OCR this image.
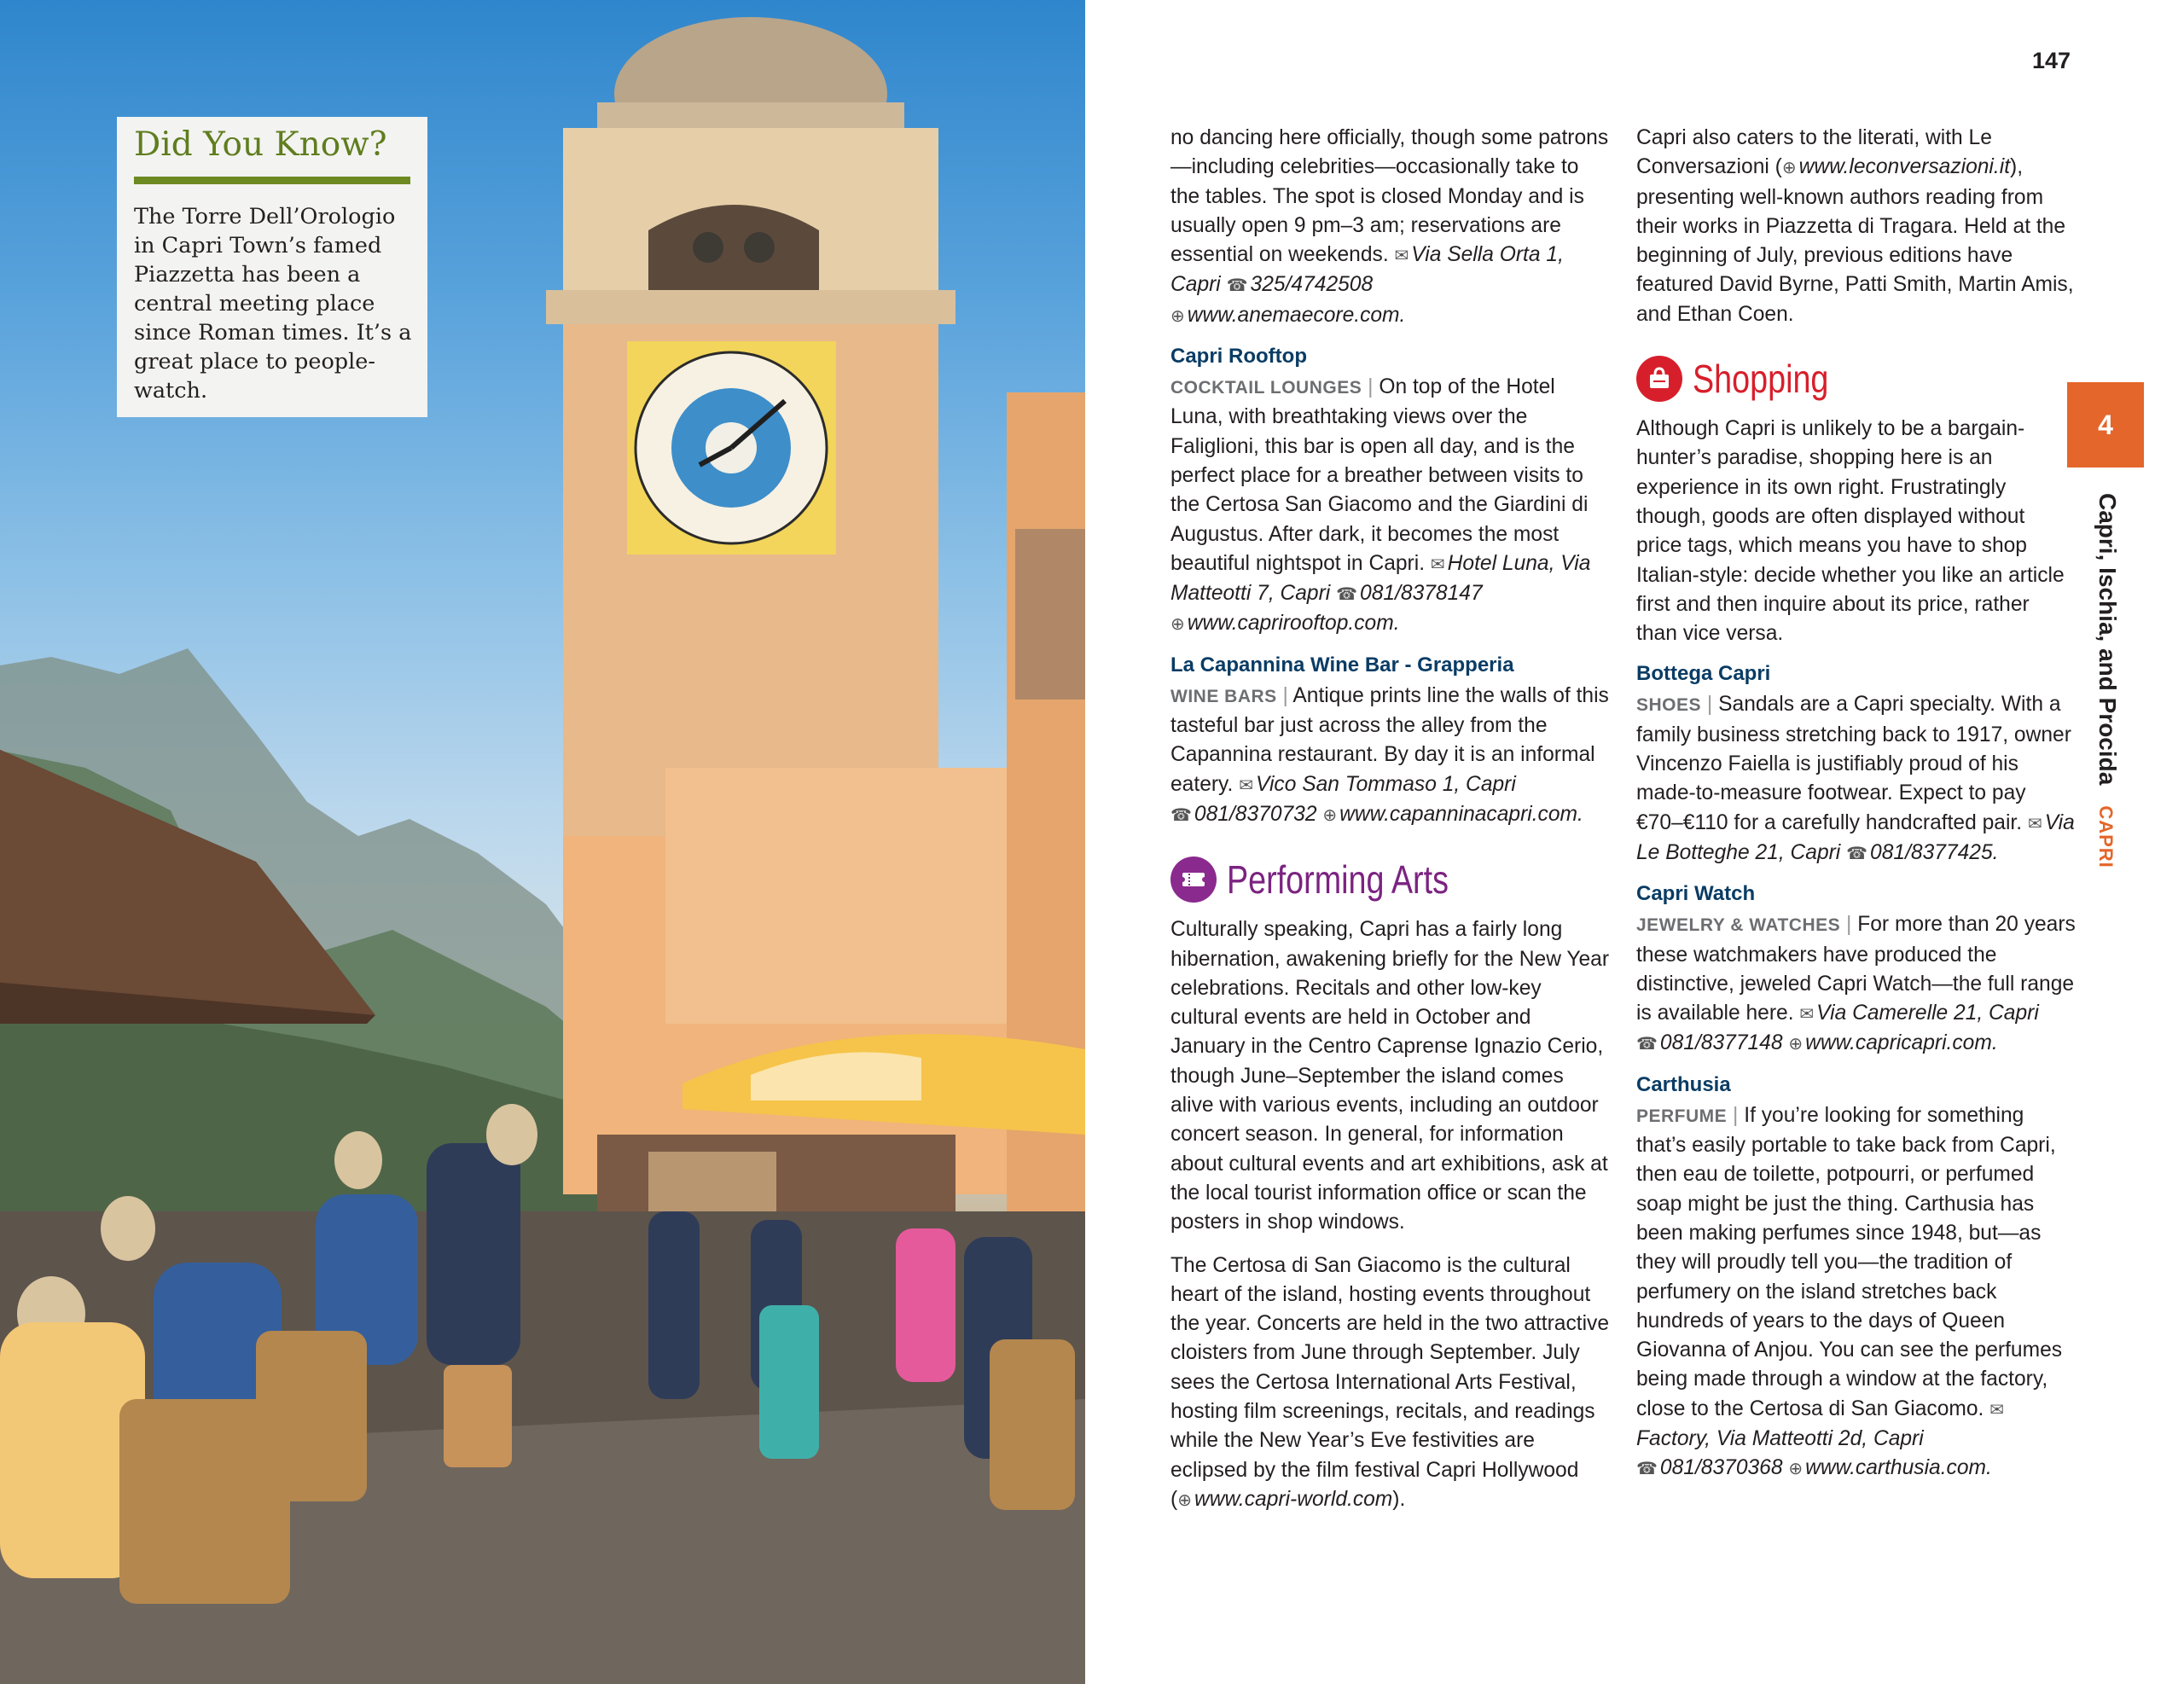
Did You Know?
The Torre Dell’Orologio in Capri Town’s famed Piazzetta has been a central meeting place since Roman times. It’s a great place to people-watch.
147

no dancing here officially, though some patrons—including celebrities—occasionally take to the tables. The spot is closed Monday and is usually open 9 pm–3 am; reservations are essential on weekends. ✉ Via Sella Orta 1, Capri ☎ 325/4742508 ⊕ www.anemaecore.com.

Capri Rooftop
COCKTAIL LOUNGES | On top of the Hotel Luna, with breathtaking views over the Faliglioni, this bar is open all day, and is the perfect place for a breather between visits to the Certosa San Giacomo and the Giardini di Augustus. After dark, it becomes the most beautiful nightspot in Capri. ✉ Hotel Luna, Via Matteotti 7, Capri ☎ 081/8378147 ⊕ www.caprirooftop.com.
La Capannina Wine Bar - Grapperia
WINE BARS | Antique prints line the walls of this tasteful bar just across the alley from the Capannina restaurant. By day it is an informal eatery. ✉ Vico San Tommaso 1, Capri ☎ 081/8370732 ⊕ www.capanninacapri.com.
Performing Arts

Culturally speaking, Capri has a fairly long hibernation, awakening briefly for the New Year celebrations. Recitals and other low-key cultural events are held in October and January in the Centro Caprense Ignazio Cerio, though June–September the island comes alive with various events, including an outdoor concert season. In general, for information about cultural events and art exhibitions, ask at the local tourist information office or scan the posters in shop windows.

The Certosa di San Giacomo is the cultural heart of the island, hosting events throughout the year. Concerts are held in the two attractive cloisters from June through September. July sees the Certosa International Arts Festival, hosting film screenings, recitals, and readings while the New Year’s Eve festivities are eclipsed by the film festival Capri Hollywood (⊕ www.capri-world.com).

Capri also caters to the literati, with Le Conversazioni (⊕ www.leconversazioni.it), presenting well-known authors reading from their works in Piazzetta di Tragara. Held at the beginning of July, previous editions have featured David Byrne, Patti Smith, Martin Amis, and Ethan Coen.

Shopping

Although Capri is unlikely to be a bargain-hunter’s paradise, shopping here is an experience in its own right. Frustratingly though, goods are often displayed without price tags, which means you have to shop Italian-style: decide whether you like an article first and then inquire about its price, rather than vice versa.

Bottega Capri
SHOES | Sandals are a Capri specialty. With a family business stretching back to 1917, owner Vincenzo Faiella is justifiably proud of his made-to-measure footwear. Expect to pay €70–€110 for a carefully handcrafted pair. ✉ Via Le Botteghe 21, Capri ☎ 081/8377425.
Capri Watch
JEWELRY & WATCHES | For more than 20 years these watchmakers have produced the distinctive, jeweled Capri Watch—the full range is available here. ✉ Via Camerelle 21, Capri ☎ 081/8377148 ⊕ www.capricapri.com.
Carthusia
PERFUME | If you’re looking for something that’s easily portable to take back from Capri, then eau de toilette, potpourri, or perfumed soap might be just the thing. Carthusia has been making perfumes since 1948, but—as they will proudly tell you—the tradition of perfumery on the island stretches back hundreds of years to the days of Queen Giovanna of Anjou. You can see the perfumes being made through a window at the factory, close to the Certosa di San Giacomo. ✉Factory, Via Matteotti 2d, Capri ☎ 081/8370368 ⊕ www.carthusia.com.
4
Capri, Ischia, and ProcidaCAPRI
